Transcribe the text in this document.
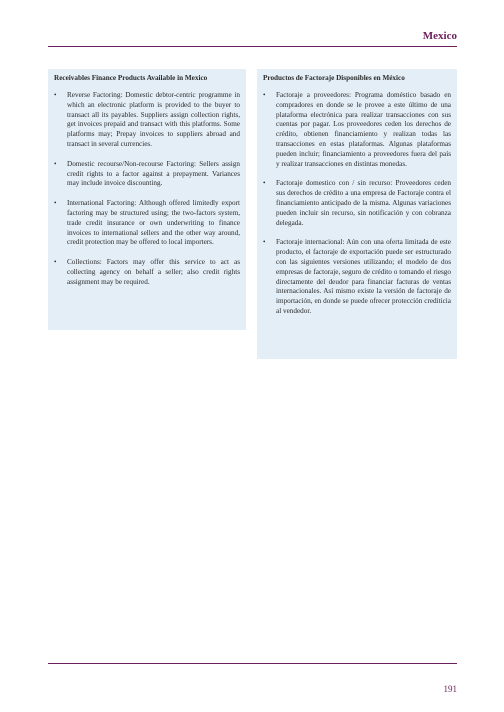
Mexico
Receivables Finance Products Available in Mexico
• Reverse Factoring: Domestic debtor-centric programme in which an electronic platform is provided to the buyer to transact all its payables. Suppliers assign collection rights, get invoices prepaid and transact with this platforms. Some platforms may; Prepay invoices to suppliers abroad and transact in several currencies.
• Domestic recourse/Non-recourse Factoring: Sellers assign credit rights to a factor against a prepayment. Variances may include invoice discounting.
• International Factoring: Although offered limitedly export factoring may be structured using; the two-factors system, trade credit insurance or own underwriting to finance invoices to international sellers and the other way around, credit protection may be offered to local importers.
• Collections: Factors may offer this service to act as collecting agency on behalf a seller; also credit rights assignment may be required.
Productos de Factoraje Disponibles en México
• Factoraje a proveedores: Programa doméstico basado en compradores en donde se le provee a este último de una plataforma electrónica para realizar transacciones con sus cuentas por pagar. Los proveedores ceden los derechos de crédito, obtienen financiamiento y realizan todas las transacciones en estas plataformas. Algunas plataformas pueden incluir; financiamiento a proveedores fuera del país y realizar transacciones en distintas monedas.
• Factoraje domestico con / sin recurso: Proveedores ceden sus derechos de crédito a una empresa de Factoraje contra el financiamiento anticipado de la misma. Algunas variaciones pueden incluir sin recurso, sin notificación y con cobranza delegada.
• Factoraje internacional: Aún con una oferta limitada de este producto, el factoraje de exportación puede ser estructurado con las siguientes versiones utilizando; el modelo de dos empresas de factoraje, seguro de crédito o tomando el riesgo directamente del deudor para financiar facturas de ventas internacionales. Así mismo existe la versión de factoraje de importación, en donde se puede ofrecer protección crediticia al vendedor.
191
